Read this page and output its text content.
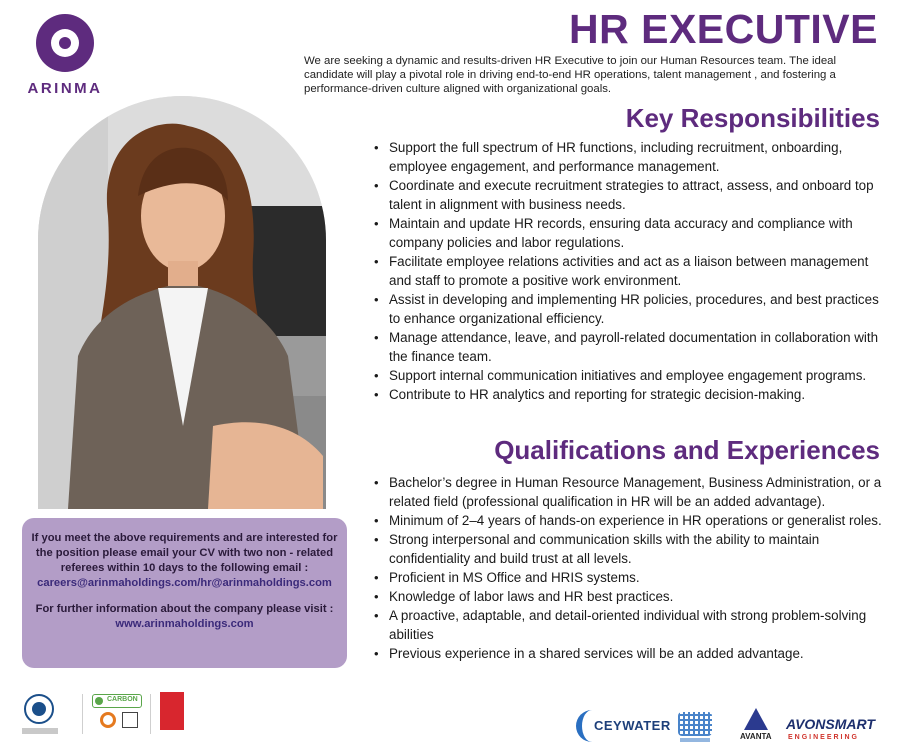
ARINMA
HR EXECUTIVE
We are seeking a dynamic and results-driven HR Executive to join our Human Resources team. The ideal candidate will play a pivotal role in driving end-to-end HR operations, talent management , and fostering a performance-driven culture aligned with organizational goals.
Key Responsibilities
• Support the full spectrum of HR functions, including recruitment, onboarding, employee engagement, and performance management.
• Coordinate and execute recruitment strategies to attract, assess, and onboard top talent in alignment with business needs.
• Maintain and update HR records, ensuring data accuracy and compliance with company policies and labor regulations.
• Facilitate employee relations activities and act as a liaison between management and staff to promote a positive work environment.
• Assist in developing and implementing HR policies, procedures, and best practices to enhance organizational efficiency.
• Manage attendance, leave, and payroll-related documentation in collaboration with the finance team.
• Support internal communication initiatives and employee engagement programs.
• Contribute to HR analytics and reporting for strategic decision-making.
Qualifications and Experiences
• Bachelor’s degree in Human Resource Management, Business Administration, or a related field (professional qualification in HR will be an added advantage).
• Minimum of 2–4 years of hands-on experience in HR operations or generalist roles.
• Strong interpersonal and communication skills with the ability to maintain confidentiality and build trust at all levels.
• Proficient in MS Office and HRIS systems.
• Knowledge of labor laws and HR best practices.
• A proactive, adaptable, and detail-oriented individual with strong problem-solving abilities
• Previous experience in a shared services will be an added advantage.
If you meet the above requirements and are interested for the position please email your CV with two non - related referees within 10 days to the following email :
careers@arinmaholdings.com/hr@arinmaholdings.com
For further information about the company please visit :
www.arinmaholdings.com
CARBON
CEYWATER
AVANTA
AVONSMART
ENGINEERING
